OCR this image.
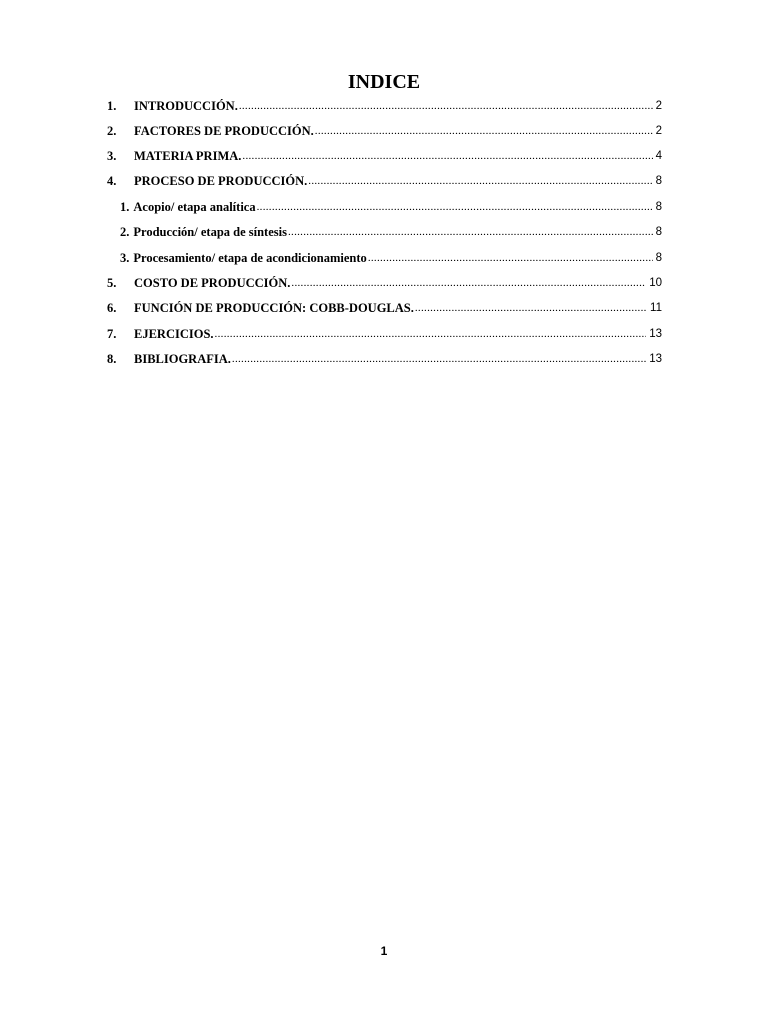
INDICE
1.	INTRODUCCIÓN. .....	2
2.	FACTORES DE PRODUCCIÓN. .....	2
3.	MATERIA PRIMA. .....	4
4.	PROCESO DE PRODUCCIÓN. .....	8
1. Acopio/ etapa analítica .....	8
2. Producción/ etapa de síntesis .....	8
3. Procesamiento/ etapa de acondicionamiento .....	8
5.	COSTO DE PRODUCCIÓN. .....	10
6.	FUNCIÓN DE PRODUCCIÓN: COBB-DOUGLAS. .....	11
7.	EJERCICIOS. .....	13
8.	BIBLIOGRAFIA. .....	13
1
